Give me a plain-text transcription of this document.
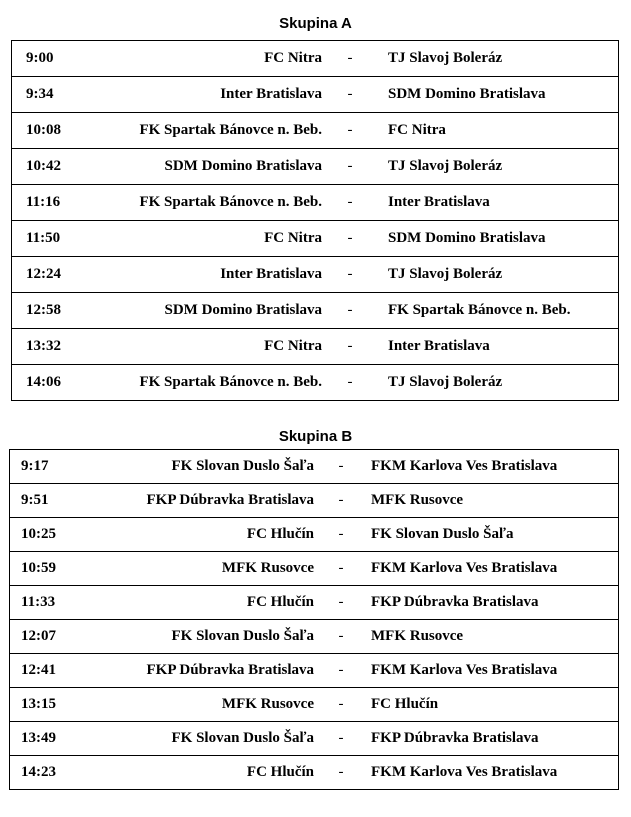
Skupina A
9:00	FC Nitra	-	TJ Slavoj Boleráz
9:34	Inter Bratislava	-	SDM Domino Bratislava
10:08	FK Spartak Bánovce n. Beb.	-	FC Nitra
10:42	SDM Domino Bratislava	-	TJ Slavoj Boleráz
11:16	FK Spartak Bánovce n. Beb.	-	Inter Bratislava
11:50	FC Nitra	-	SDM Domino Bratislava
12:24	Inter Bratislava	-	TJ Slavoj Boleráz
12:58	SDM Domino Bratislava	-	FK Spartak Bánovce n. Beb.
13:32	FC Nitra	-	Inter Bratislava
14:06	FK Spartak Bánovce n. Beb.	-	TJ Slavoj Boleráz
Skupina B
9:17	FK Slovan Duslo Šaľa	-	FKM Karlova Ves Bratislava
9:51	FKP Dúbravka Bratislava	-	MFK Rusovce
10:25	FC Hlučín	-	FK Slovan Duslo Šaľa
10:59	MFK Rusovce	-	FKM Karlova Ves Bratislava
11:33	FC Hlučín	-	FKP Dúbravka Bratislava
12:07	FK Slovan Duslo Šaľa	-	MFK Rusovce
12:41	FKP Dúbravka Bratislava	-	FKM Karlova Ves Bratislava
13:15	MFK Rusovce	-	FC Hlučín
13:49	FK Slovan Duslo Šaľa	-	FKP Dúbravka Bratislava
14:23	FC Hlučín	-	FKM Karlova Ves Bratislava
